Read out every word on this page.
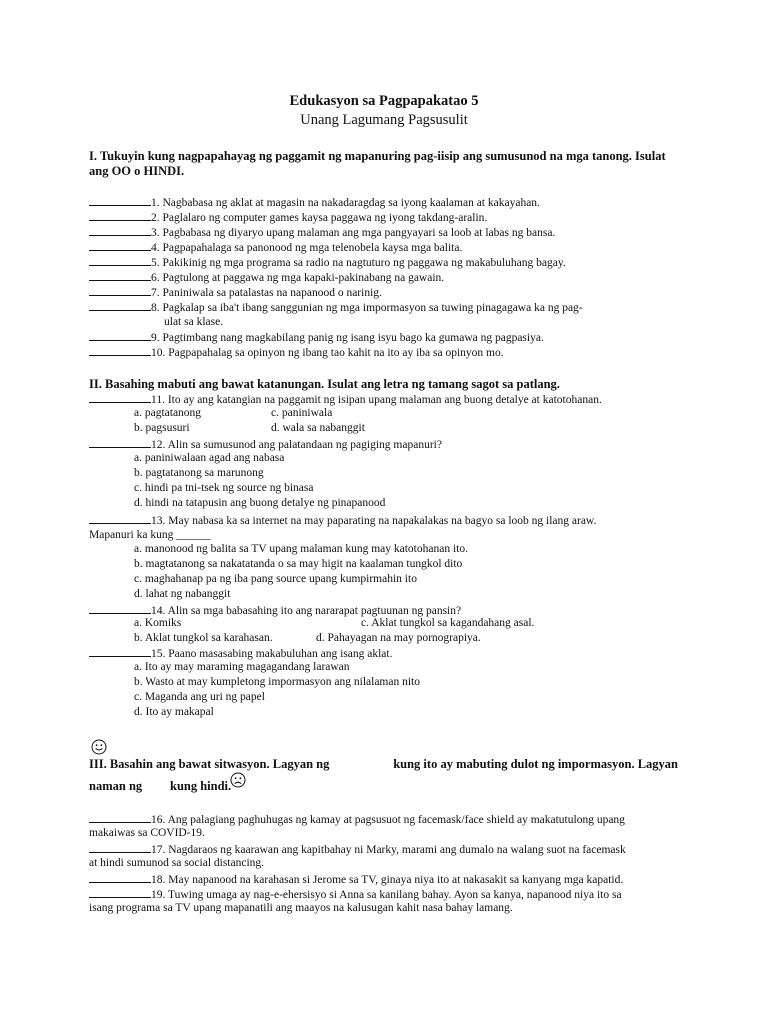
Edukasyon sa Pagpapakatao 5
Unang Lagumang Pagsusulit
I. Tukuyin kung nagpapahayag ng paggamit ng mapanuring pag-iisip ang sumusunod na mga tanong. Isulat ang OO o HINDI.
1. Nagbabasa ng aklat at magasin na nakadaragdag sa iyong kaalaman at kakayahan.
2. Paglalaro ng computer games kaysa paggawa ng iyong takdang-aralin.
3. Pagbabasa ng diyaryo upang malaman ang mga pangyayari sa loob at labas ng bansa.
4. Pagpapahalaga sa panonood ng mga telenobela kaysa mga balita.
5. Pakikinig ng mga programa sa radio na nagtuturo ng paggawa ng makabuluhang bagay.
6. Pagtulong at paggawa ng mga kapaki-pakinabang na gawain.
7. Paniniwala sa patalastas na napanood o narinig.
8. Pagkalap sa iba't ibang sanggunian ng mga impormasyon sa tuwing pinagagawa ka ng pag-
ulat sa klase.
9. Pagtimbang nang magkabilang panig ng isang isyu bago ka gumawa ng pagpasiya.
10. Pagpapahalag sa opinyon ng ibang tao kahit na ito ay iba sa opinyon mo.
II. Basahing mabuti ang bawat katanungan. Isulat ang letra ng tamang sagot sa patlang.
11. Ito ay ang katangian na paggamit ng isipan upang malaman ang buong detalye at katotohanan.
a. pagtatanong	c. paniniwala
b. pagsusuri	d. wala sa nabanggit
12. Alin sa sumusunod ang palatandaan ng pagiging mapanuri?
a. paniniwalaan agad ang nabasa
b. pagtatanong sa marunong
c. hindi pa tni-tsek ng source ng binasa
d. hindi na tatapusin ang buong detalye ng pinapanood
13. May nabasa ka sa internet na may paparating na napakalakas na bagyo sa loob ng ilang araw.
Mapanuri ka kung ______
a. manonood ng balita sa TV upang malaman kung may katotohanan ito.
b. magtatanong sa nakatatanda o sa may higit na kaalaman tungkol dito
c. maghahanap pa ng iba pang source upang kumpirmahin ito
d. lahat ng nabanggit
14. Alin sa mga babasahing ito ang nararapat pagtuunan ng pansin?
a. Komiks	c. Aklat tungkol sa kagandahang asal.
b. Aklat tungkol sa karahasan.	d. Pahayagan na may pornograpiya.
15. Paano masasabing makabuluhan ang isang aklat.
a. Ito ay may maraming magagandang larawan
b. Wasto at may kumpletong impormasyon ang nilalaman nito
c. Maganda ang uri ng papel
d. Ito ay makapal
III. Basahin ang bawat sitwasyon. Lagyan ng	kung ito ay mabuting dulot ng impormasyon. Lagyan
naman ng	kung hindi.
16. Ang palagiang paghuhugas ng kamay at pagsusuot ng facemask/face shield ay makatutulong upang
makaiwas sa COVID-19.
17. Nagdaraos ng kaarawan ang kapitbahay ni Marky, marami ang dumalo na walang suot na facemask
at hindi sumunod sa social distancing.
18. May napanood na karahasan si Jerome sa TV, ginaya niya ito at nakasakit sa kanyang mga kapatid.
19. Tuwing umaga ay nag-e-ehersisyo si Anna sa kanilang bahay. Ayon sa kanya, napanood niya ito sa
isang programa sa TV upang mapanatili ang maayos na kalusugan kahit nasa bahay lamang.
